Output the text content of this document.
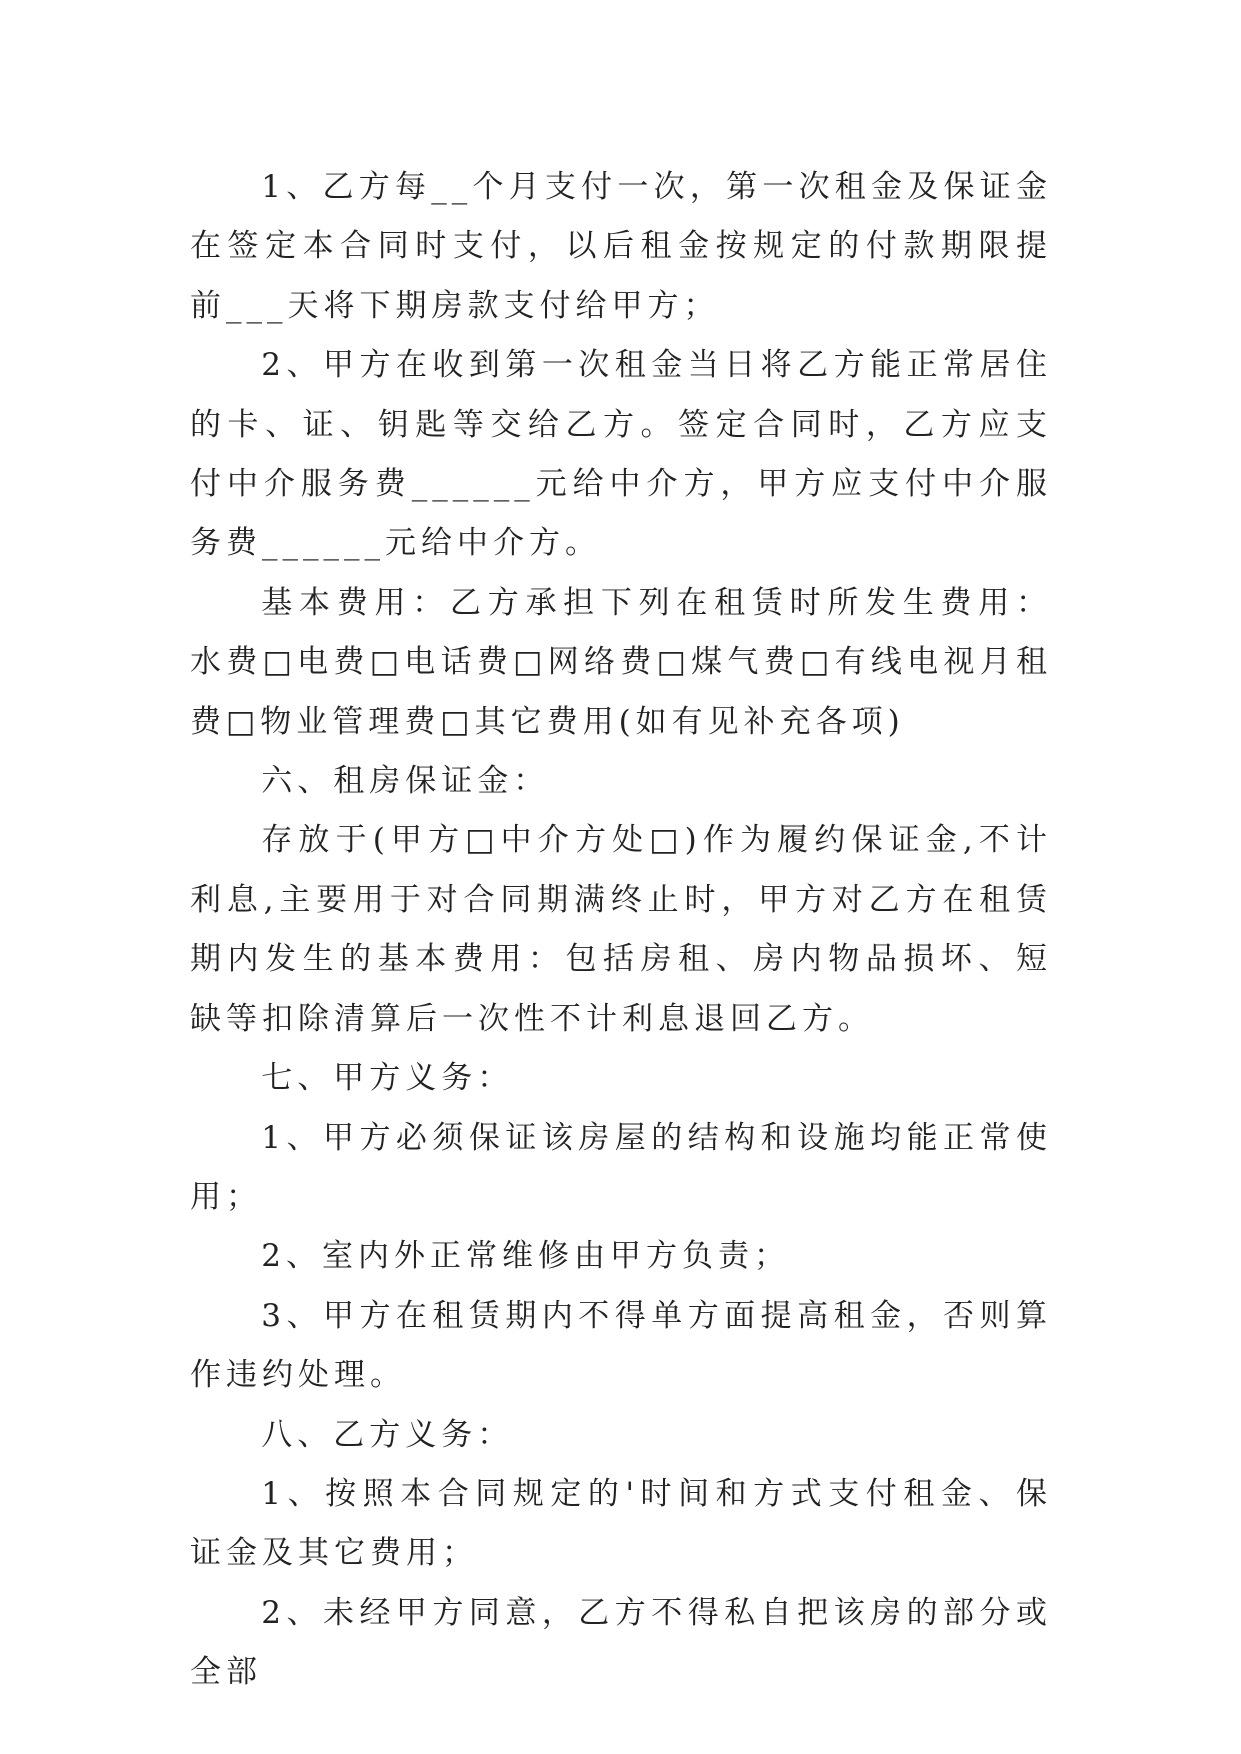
1、乙方每__个月支付一次，第一次租金及保证金在签定本合同时支付，以后租金按规定的付款期限提前___天将下期房款支付给甲方；

2、甲方在收到第一次租金当日将乙方能正常居住的卡、证、钥匙等交给乙方。签定合同时，乙方应支付中介服务费______元给中介方，甲方应支付中介服务费______元给中介方。

基本费用：乙方承担下列在租赁时所发生费用：水费□电费□电话费□网络费□煤气费□有线电视月租费□物业管理费□其它费用(如有见补充各项)

六、租房保证金：

存放于(甲方□中介方处□)作为履约保证金,不计利息,主要用于对合同期满终止时，甲方对乙方在租赁期内发生的基本费用：包括房租、房内物品损坏、短缺等扣除清算后一次性不计利息退回乙方。

七、甲方义务：

1、甲方必须保证该房屋的结构和设施均能正常使用；

2、室内外正常维修由甲方负责；

3、甲方在租赁期内不得单方面提高租金，否则算作违约处理。

八、乙方义务：

1、按照本合同规定的'时间和方式支付租金、保证金及其它费用；

2、未经甲方同意，乙方不得私自把该房的部分或全部
